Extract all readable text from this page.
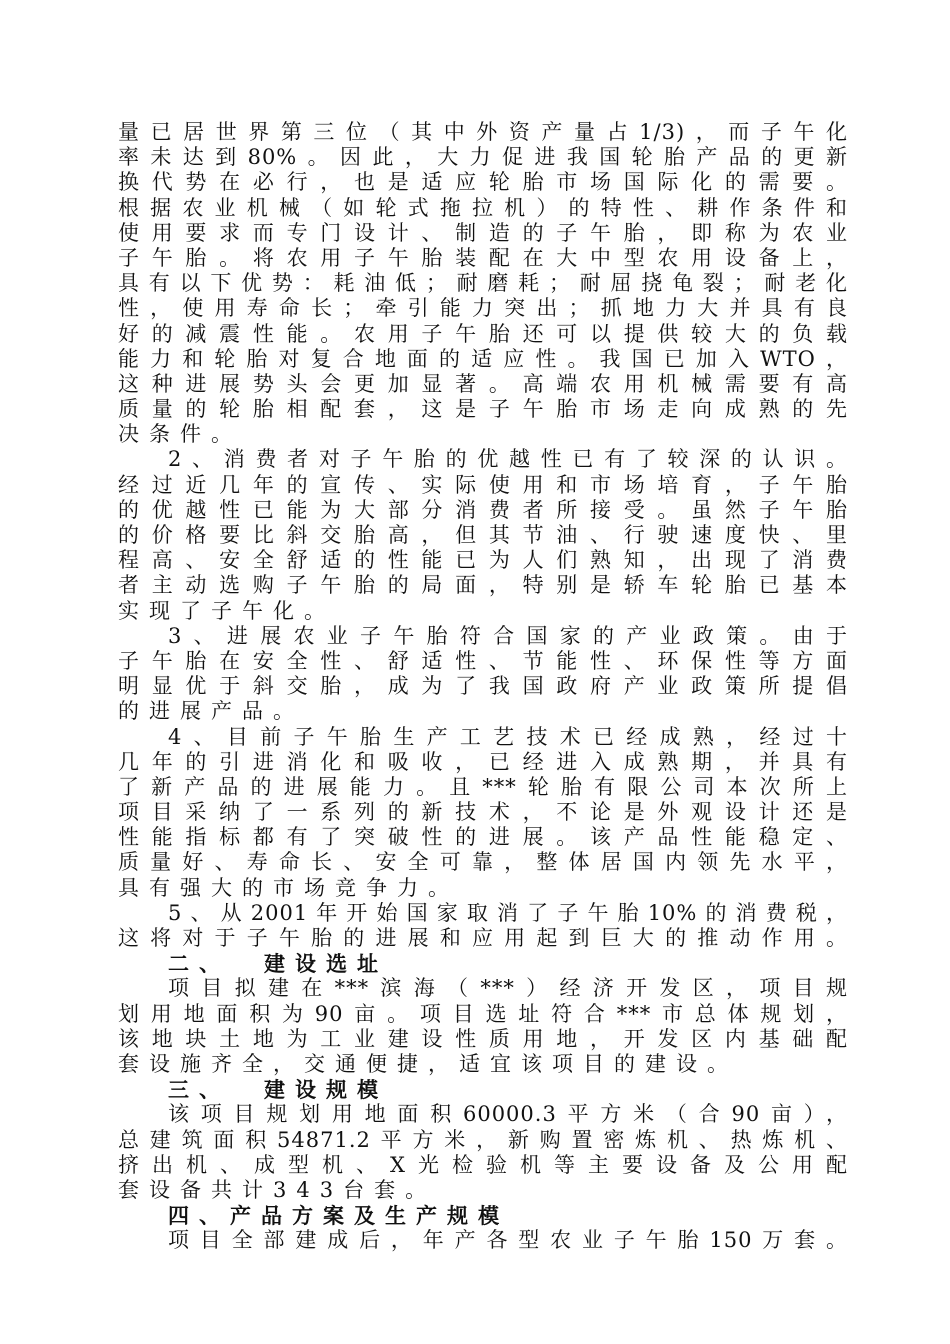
量已居世界第三位（其中外资产量占1/3)，而子午化
率未达到80%。因此，大力促进我国轮胎产品的更新
换代势在必行，也是适应轮胎市场国际化的需要。
根据农业机械（如轮式拖拉机）的特性、耕作条件和
使用要求而专门设计、制造的子午胎，即称为农业
子午胎。将农用子午胎装配在大中型农用设备上，
具有以下优势：耗油低；耐磨耗；耐屈挠龟裂；耐老化
性，使用寿命长；牵引能力突出；抓地力大并具有良
好的减震性能。农用子午胎还可以提供较大的负载
能力和轮胎对复合地面的适应性。我国已加入WTO，
这种进展势头会更加显著。高端农用机械需要有高
质量的轮胎相配套，这是子午胎市场走向成熟的先
决条件。
2、消费者对子午胎的优越性已有了较深的认识。
经过近几年的宣传、实际使用和市场培育，子午胎
的优越性已能为大部分消费者所接受。虽然子午胎
的价格要比斜交胎高，但其节油、行驶速度快、里
程高、安全舒适的性能已为人们熟知，出现了消费
者主动选购子午胎的局面，特别是轿车轮胎已基本
实现了子午化。
3、进展农业子午胎符合国家的产业政策。由于
子午胎在安全性、舒适性、节能性、环保性等方面
明显优于斜交胎，成为了我国政府产业政策所提倡
的进展产品。
4、目前子午胎生产工艺技术已经成熟，经过十
几年的引进消化和吸收，已经进入成熟期，并具有
了新产品的进展能力。且***轮胎有限公司本次所上
项目采纳了一系列的新技术，不论是外观设计还是
性能指标都有了突破性的进展。该产品性能稳定、
质量好、寿命长、安全可靠，整体居国内领先水平，
具有强大的市场竞争力。
5、从2001年开始国家取消了子午胎10%的消费税，
这将对于子午胎的进展和应用起到巨大的推动作用。
二、 建设选址
项目拟建在***滨海（***）经济开发区，项目规
划用地面积为90亩。项目选址符合***市总体规划，
该地块土地为工业建设性质用地，开发区内基础配
套设施齐全，交通便捷，适宜该项目的建设。
三、 建设规模
该项目规划用地面积60000.3平方米（合90亩），
总建筑面积54871.2平方米，新购置密炼机、热炼机、
挤出机、成型机、X光检验机等主要设备及公用配
套设备共计343台套。
四、产品方案及生产规模
项目全部建成后，年产各型农业子午胎150万套。
